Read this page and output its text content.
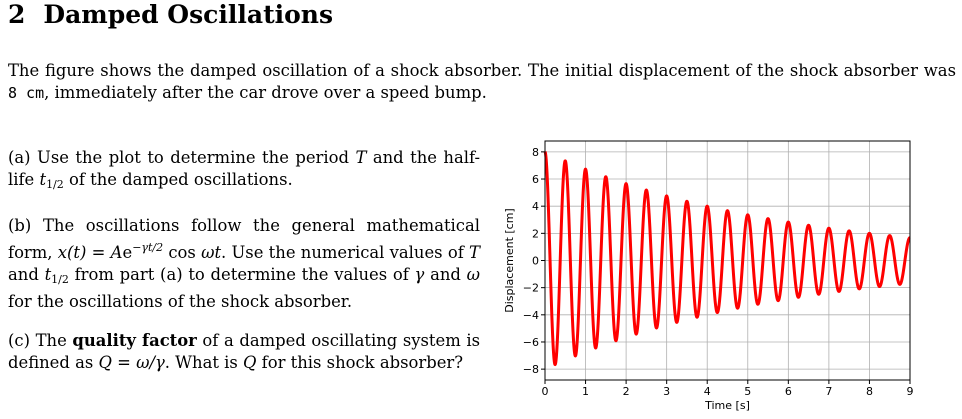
2 Damped Oscillations

The figure shows the damped oscillation of a shock absorber. The initial displacement of the shock absorber was 8 cm, immediately after the car drove over a speed bump.

(a) Use the plot to determine the period T and the half-life $t_{1/2}$ of the damped oscillations.

(b) The oscillations follow the general mathematical form, $x(t) = Ae^{-\gamma t/2}$ cos ωt. Use the numerical values of T and $t_{1/2}$ from part (a) to determine the values of γ and ω for the oscillations of the shock absorber.

(c) The quality factor of a damped oscillating system is defined as Q = ω/γ. What is Q for this shock absorber?

0	1	2	3	4	5	6	7	8	9
−8
−6
−4
−2
0
2
4
6
8
Time [s]
Displacement [cm]
